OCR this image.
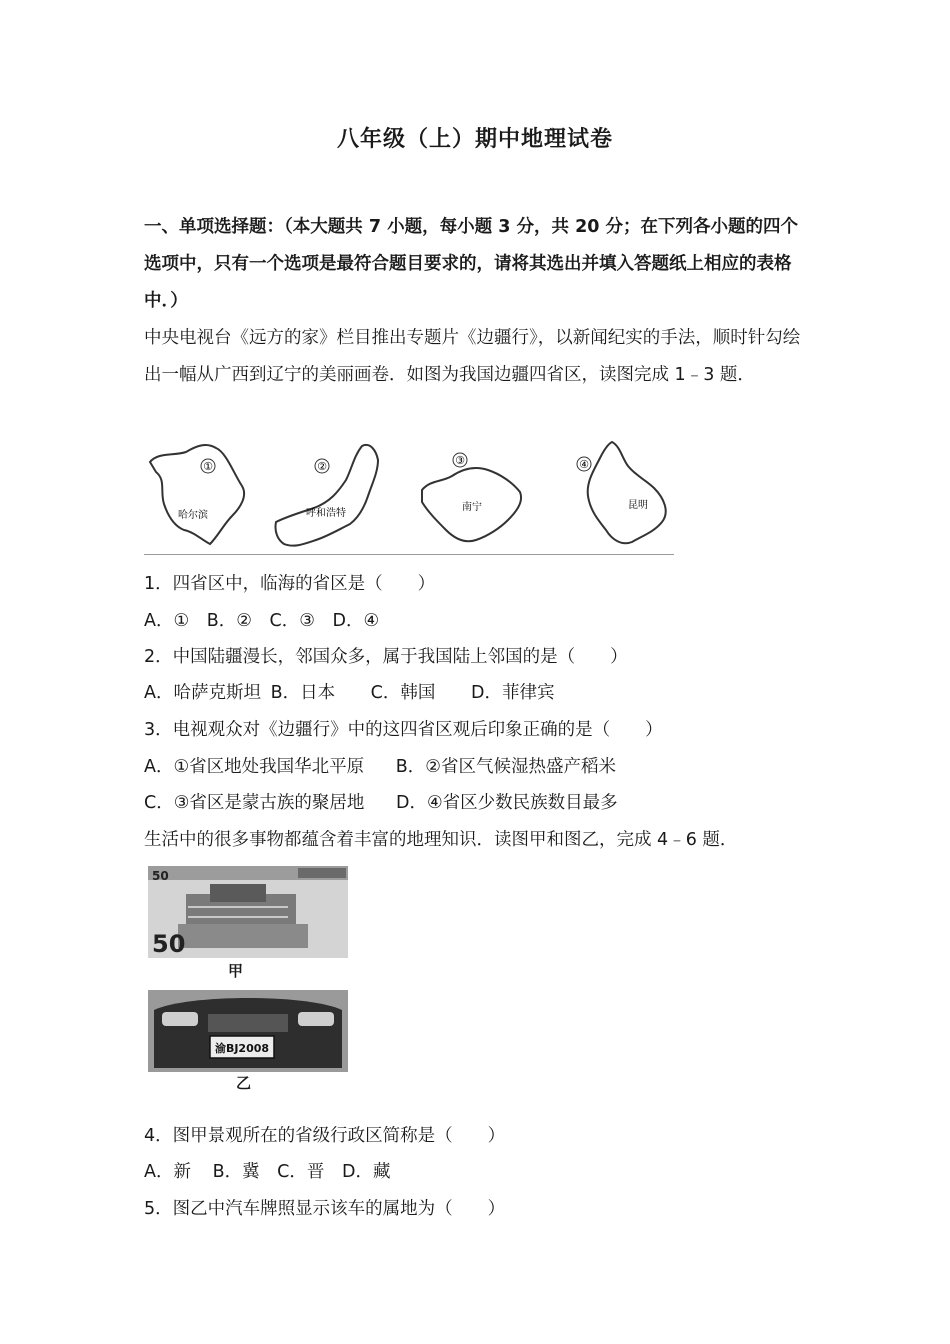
八年级（上）期中地理试卷
一、单项选择题：（本大题共 7 小题，每小题 3 分，共 20 分；在下列各小题的四个选项中，只有一个选项是最符合题目要求的，请将其选出并填入答题纸上相应的表格中．）
中央电视台《远方的家》栏目推出专题片《边疆行》，以新闻纪实的手法，顺时针勾绘出一幅从广西到辽宁的美丽画卷．如图为我国边疆四省区，读图完成 1﹣3 题．
①
哈尔滨
②
呼和浩特
③
南宁
④
昆明
1．四省区中，临海的省区是（　　）
A．① B．② C．③ D．④
2．中国陆疆漫长，邻国众多，属于我国陆上邻国的是（　　）
A．哈萨克斯坦 B．日本 C．韩国 D．菲律宾
3．电视观众对《边疆行》中的这四省区观后印象正确的是（　　）
A．①省区地处我国华北平原 B．②省区气候湿热盛产稻米
C．③省区是蒙古族的聚居地 D．④省区少数民族数目最多
生活中的很多事物都蕴含着丰富的地理知识．读图甲和图乙，完成 4﹣6 题．
50
50
甲
渝BJ2008
乙
4．图甲景观所在的省级行政区简称是（　　）
A．新 B．冀 C．晋 D．藏
5．图乙中汽车牌照显示该车的属地为（　　）
